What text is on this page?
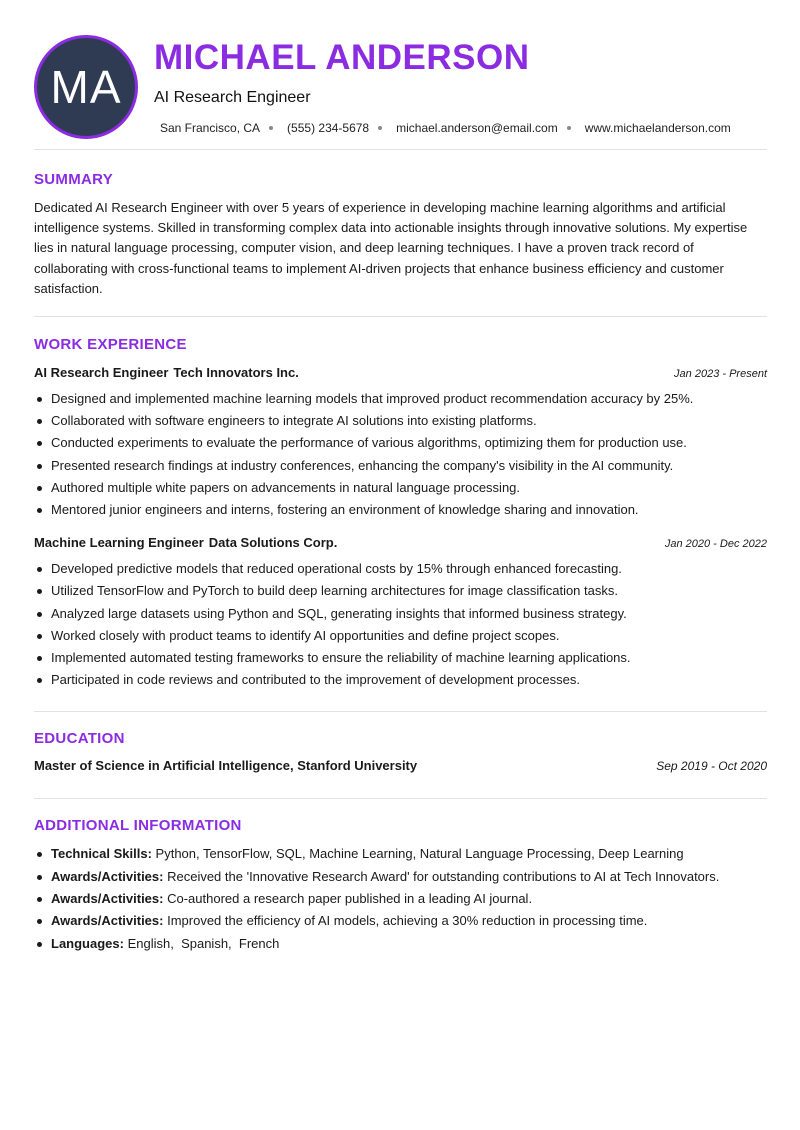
MA
MICHAEL ANDERSON
AI Research Engineer
San Francisco, CA (555) 234-5678 michael.anderson@email.com www.michaelanderson.com
SUMMARY

Dedicated AI Research Engineer with over 5 years of experience in developing machine learning algorithms and artificial intelligence systems. Skilled in transforming complex data into actionable insights through innovative solutions. My expertise lies in natural language processing, computer vision, and deep learning techniques. I have a proven track record of collaborating with cross-functional teams to implement AI-driven projects that enhance business efficiency and customer satisfaction.

WORK EXPERIENCE
AI Research Engineer Tech Innovators Inc.	Jan 2023 - Present
Designed and implemented machine learning models that improved product recommendation accuracy by 25%.
Collaborated with software engineers to integrate AI solutions into existing platforms.
Conducted experiments to evaluate the performance of various algorithms, optimizing them for production use.
Presented research findings at industry conferences, enhancing the company's visibility in the AI community.
Authored multiple white papers on advancements in natural language processing.
Mentored junior engineers and interns, fostering an environment of knowledge sharing and innovation.
Machine Learning Engineer Data Solutions Corp.	Jan 2020 - Dec 2022
Developed predictive models that reduced operational costs by 15% through enhanced forecasting.
Utilized TensorFlow and PyTorch to build deep learning architectures for image classification tasks.
Analyzed large datasets using Python and SQL, generating insights that informed business strategy.
Worked closely with product teams to identify AI opportunities and define project scopes.
Implemented automated testing frameworks to ensure the reliability of machine learning applications.
Participated in code reviews and contributed to the improvement of development processes.
EDUCATION
Master of Science in Artificial Intelligence, Stanford University	Sep 2019 - Oct 2020
ADDITIONAL INFORMATION
Technical Skills: Python, TensorFlow, SQL, Machine Learning, Natural Language Processing, Deep Learning
Awards/Activities: Received the 'Innovative Research Award' for outstanding contributions to AI at Tech Innovators.
Awards/Activities: Co-authored a research paper published in a leading AI journal.
Awards/Activities: Improved the efficiency of AI models, achieving a 30% reduction in processing time.
Languages: English,  Spanish,  French
